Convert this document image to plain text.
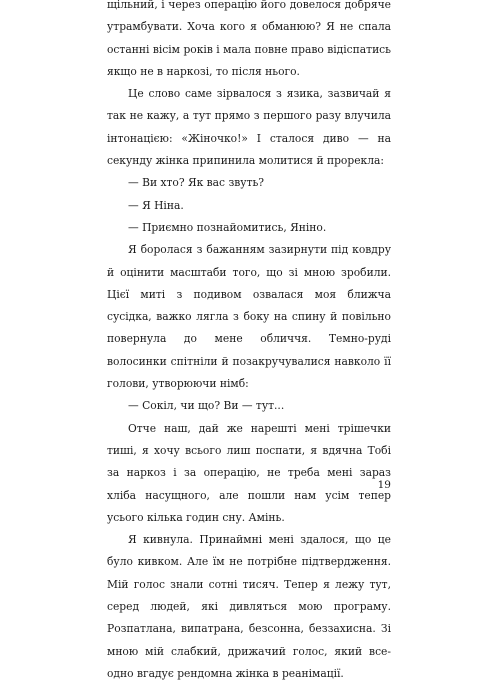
щільний, і через операцію його довелося добряче утрамбувати. Хоча кого я обманюю? Я не спала останні вісім років і мала повне право відіспатись якщо не в наркозі, то після нього.

Це слово саме зірвалося з язика, зазвичай я так не кажу, а тут прямо з першого разу влучила інтонацією: «Жіночко!» І сталося диво — на секунду жінка припинила молитися й прорекла:

— Ви хто? Як вас звуть?

— Я Ніна.

— Приємно познайомитись, Яніно.

Я боролася з бажанням зазирнути під ковдру й оцінити масштаби того, що зі мною зробили. Цієї миті з подивом озвалася моя ближча сусідка, важко лягла з боку на спину й повільно повернула до мене обличчя. Темно-руді волосинки спітніли й позакручувалися навколо її голови, утворюючи німб:

— Сокіл, чи що? Ви — тут...

Отче наш, дай же нарешті мені трішечки тиші, я хочу всього лиш поспати, я вдячна Тобі за наркоз і за операцію, не треба мені зараз хліба насущного, але пошли нам усім тепер усього кілька годин сну. Амінь.

Я кивнула. Принаймні мені здалося, що це було кивком. Але їм не потрібне підтвердження. Мій голос знали сотні тисяч. Тепер я лежу тут, серед людей, які дивляться мою програму. Розпатлана, випатрана, безсонна, беззахисна. Зі мною мій слабкий, дрижачий голос, який все-одно вгадує рендомна жінка в реанімації.

19
